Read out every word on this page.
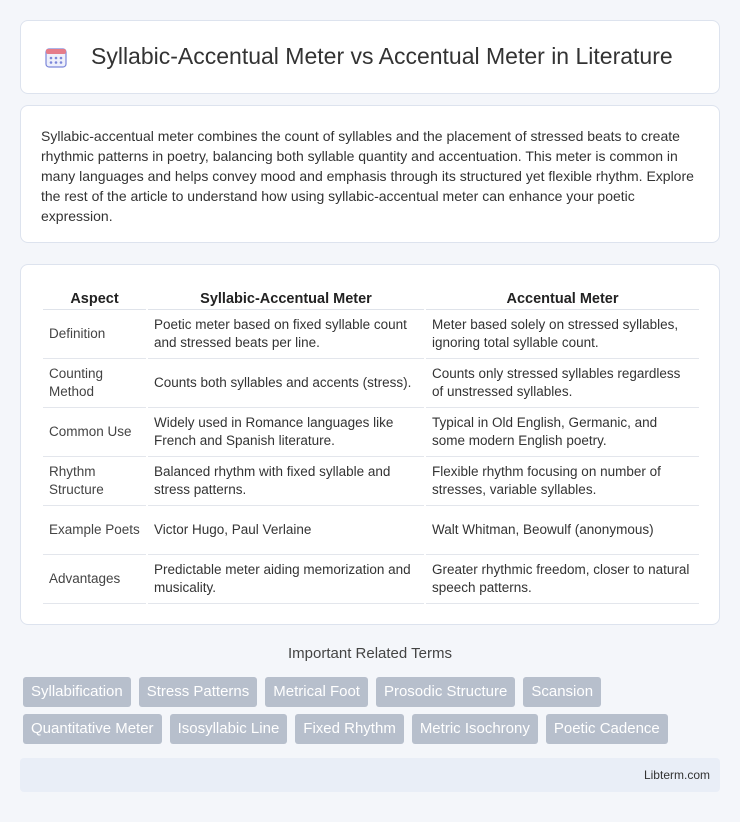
Syllabic-Accentual Meter vs Accentual Meter in Literature

Syllabic-accentual meter combines the count of syllables and the placement of stressed beats to create rhythmic patterns in poetry, balancing both syllable quantity and accentuation. This meter is common in many languages and helps convey mood and emphasis through its structured yet flexible rhythm. Explore the rest of the article to understand how using syllabic-accentual meter can enhance your poetic expression.

Aspect	Syllabic-Accentual Meter	Accentual Meter
Definition	Poetic meter based on fixed syllable count and stressed beats per line.	Meter based solely on stressed syllables, ignoring total syllable count.
Counting Method	Counts both syllables and accents (stress).	Counts only stressed syllables regardless of unstressed syllables.
Common Use	Widely used in Romance languages like French and Spanish literature.	Typical in Old English, Germanic, and some modern English poetry.
Rhythm Structure	Balanced rhythm with fixed syllable and stress patterns.	Flexible rhythm focusing on number of stresses, variable syllables.
Example Poets	Victor Hugo, Paul Verlaine	Walt Whitman, Beowulf (anonymous)
Advantages	Predictable meter aiding memorization and musicality.	Greater rhythmic freedom, closer to natural speech patterns.
Important Related Terms
Syllabification	Stress Patterns	Metrical Foot	Prosodic Structure	Scansion
Quantitative Meter	Isosyllabic Line	Fixed Rhythm	Metric Isochrony	Poetic Cadence
Libterm.com
